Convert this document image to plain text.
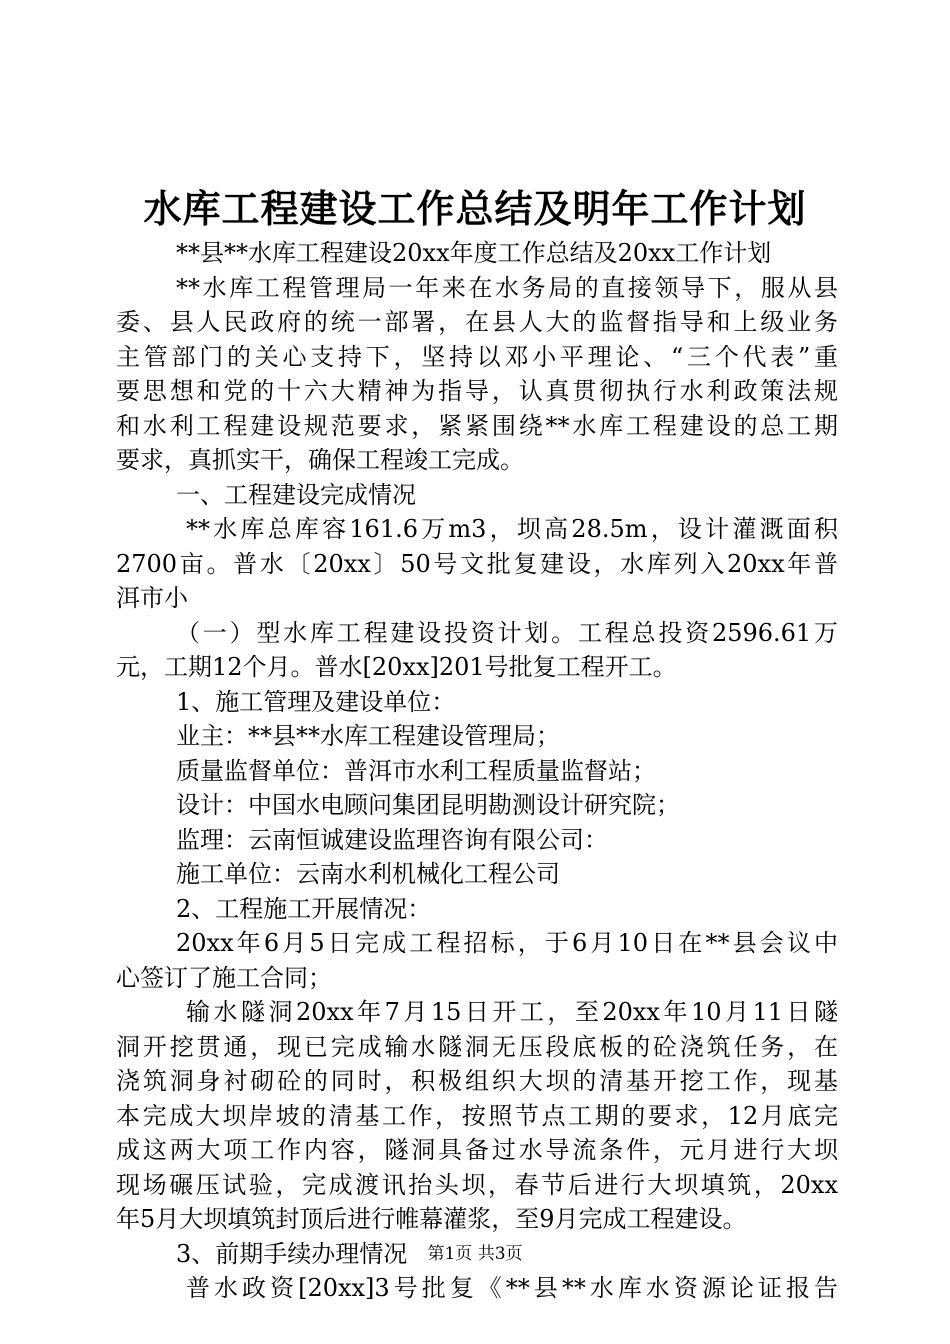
水库工程建设工作总结及明年工作计划
**县**水库工程建设20xx年度工作总结及20xx工作计划
**水库工程管理局一年来在水务局的直接领导下，服从县
委、县人民政府的统一部署，在县人大的监督指导和上级业务
主管部门的关心支持下，坚持以邓小平理论、“三个代表”重
要思想和党的十六大精神为指导，认真贯彻执行水利政策法规
和水利工程建设规范要求，紧紧围绕**水库工程建设的总工期
要求，真抓实干，确保工程竣工完成。
一、工程建设完成情况
**水库总库容161.6万m3，坝高28.5m，设计灌溉面积
2700亩。普水〔20xx〕50号文批复建设，水库列入20xx年普
洱市小
（一）型水库工程建设投资计划。工程总投资2596.61万
元，工期12个月。普水[20xx]201号批复工程开工。
1、施工管理及建设单位：
业主：**县**水库工程建设管理局；
质量监督单位：普洱市水利工程质量监督站；
设计：中国水电顾问集团昆明勘测设计研究院；
监理：云南恒诚建设监理咨询有限公司：
施工单位：云南水利机械化工程公司
2、工程施工开展情况：
20xx年6月5日完成工程招标，于6月10日在**县会议中
心签订了施工合同；
输水隧洞20xx年7月15日开工，至20xx年10月11日隧
洞开挖贯通，现已完成输水隧洞无压段底板的砼浇筑任务，在
浇筑洞身衬砌砼的同时，积极组织大坝的清基开挖工作，现基
本完成大坝岸坡的清基工作，按照节点工期的要求，12月底完
成这两大项工作内容，隧洞具备过水导流条件，元月进行大坝
现场碾压试验，完成渡讯抬头坝，春节后进行大坝填筑，20xx
年5月大坝填筑封顶后进行帷幕灌浆，至9月完成工程建设。
3、前期手续办理情况
普水政资[20xx]3号批复《**县**水库水资源论证报告
第1页 共3页
